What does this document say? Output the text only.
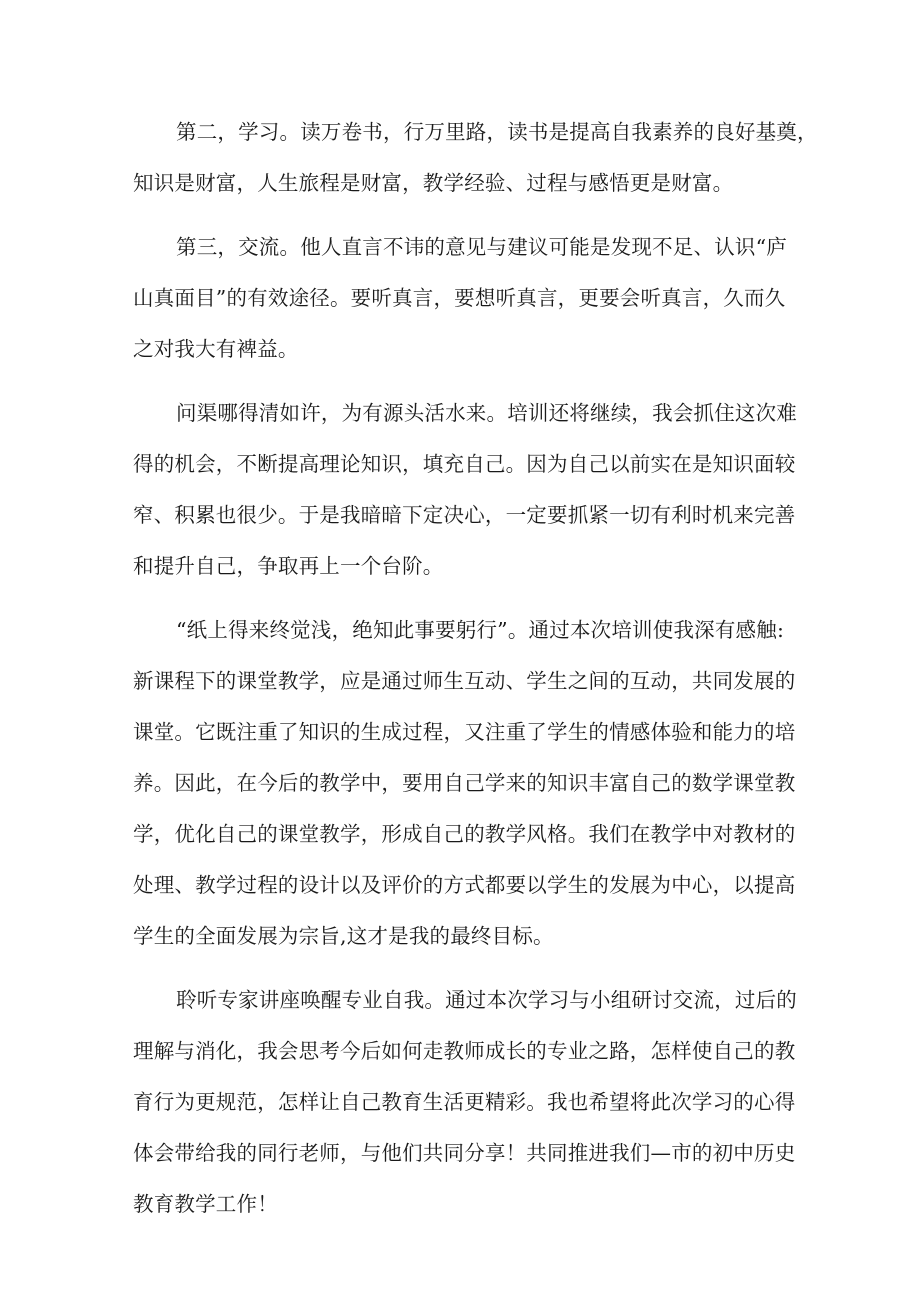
第二，学习。读万卷书，行万里路，读书是提高自我素养的良好基奠，
知识是财富，人生旅程是财富，教学经验、过程与感悟更是财富。
第三，交流。他人直言不讳的意见与建议可能是发现不足、认识“庐
山真面目”的有效途径。要听真言，要想听真言，更要会听真言，久而久
之对我大有裨益。
问渠哪得清如许，为有源头活水来。培训还将继续，我会抓住这次难
得的机会，不断提高理论知识，填充自己。因为自己以前实在是知识面较
窄、积累也很少。于是我暗暗下定决心，一定要抓紧一切有利时机来完善
和提升自己，争取再上一个台阶。
“纸上得来终觉浅，绝知此事要躬行”。通过本次培训使我深有感触:
新课程下的课堂教学，应是通过师生互动、学生之间的互动，共同发展的
课堂。它既注重了知识的生成过程，又注重了学生的情感体验和能力的培
养。因此，在今后的教学中，要用自己学来的知识丰富自己的数学课堂教
学，优化自己的课堂教学，形成自己的教学风格。我们在教学中对教材的
处理、教学过程的设计以及评价的方式都要以学生的发展为中心，以提高
学生的全面发展为宗旨,这才是我的最终目标。
聆听专家讲座唤醒专业自我。通过本次学习与小组研讨交流，过后的
理解与消化，我会思考今后如何走教师成长的专业之路，怎样使自己的教
育行为更规范，怎样让自己教育生活更精彩。我也希望将此次学习的心得
体会带给我的同行老师，与他们共同分享！共同推进我们—市的初中历史
教育教学工作！
